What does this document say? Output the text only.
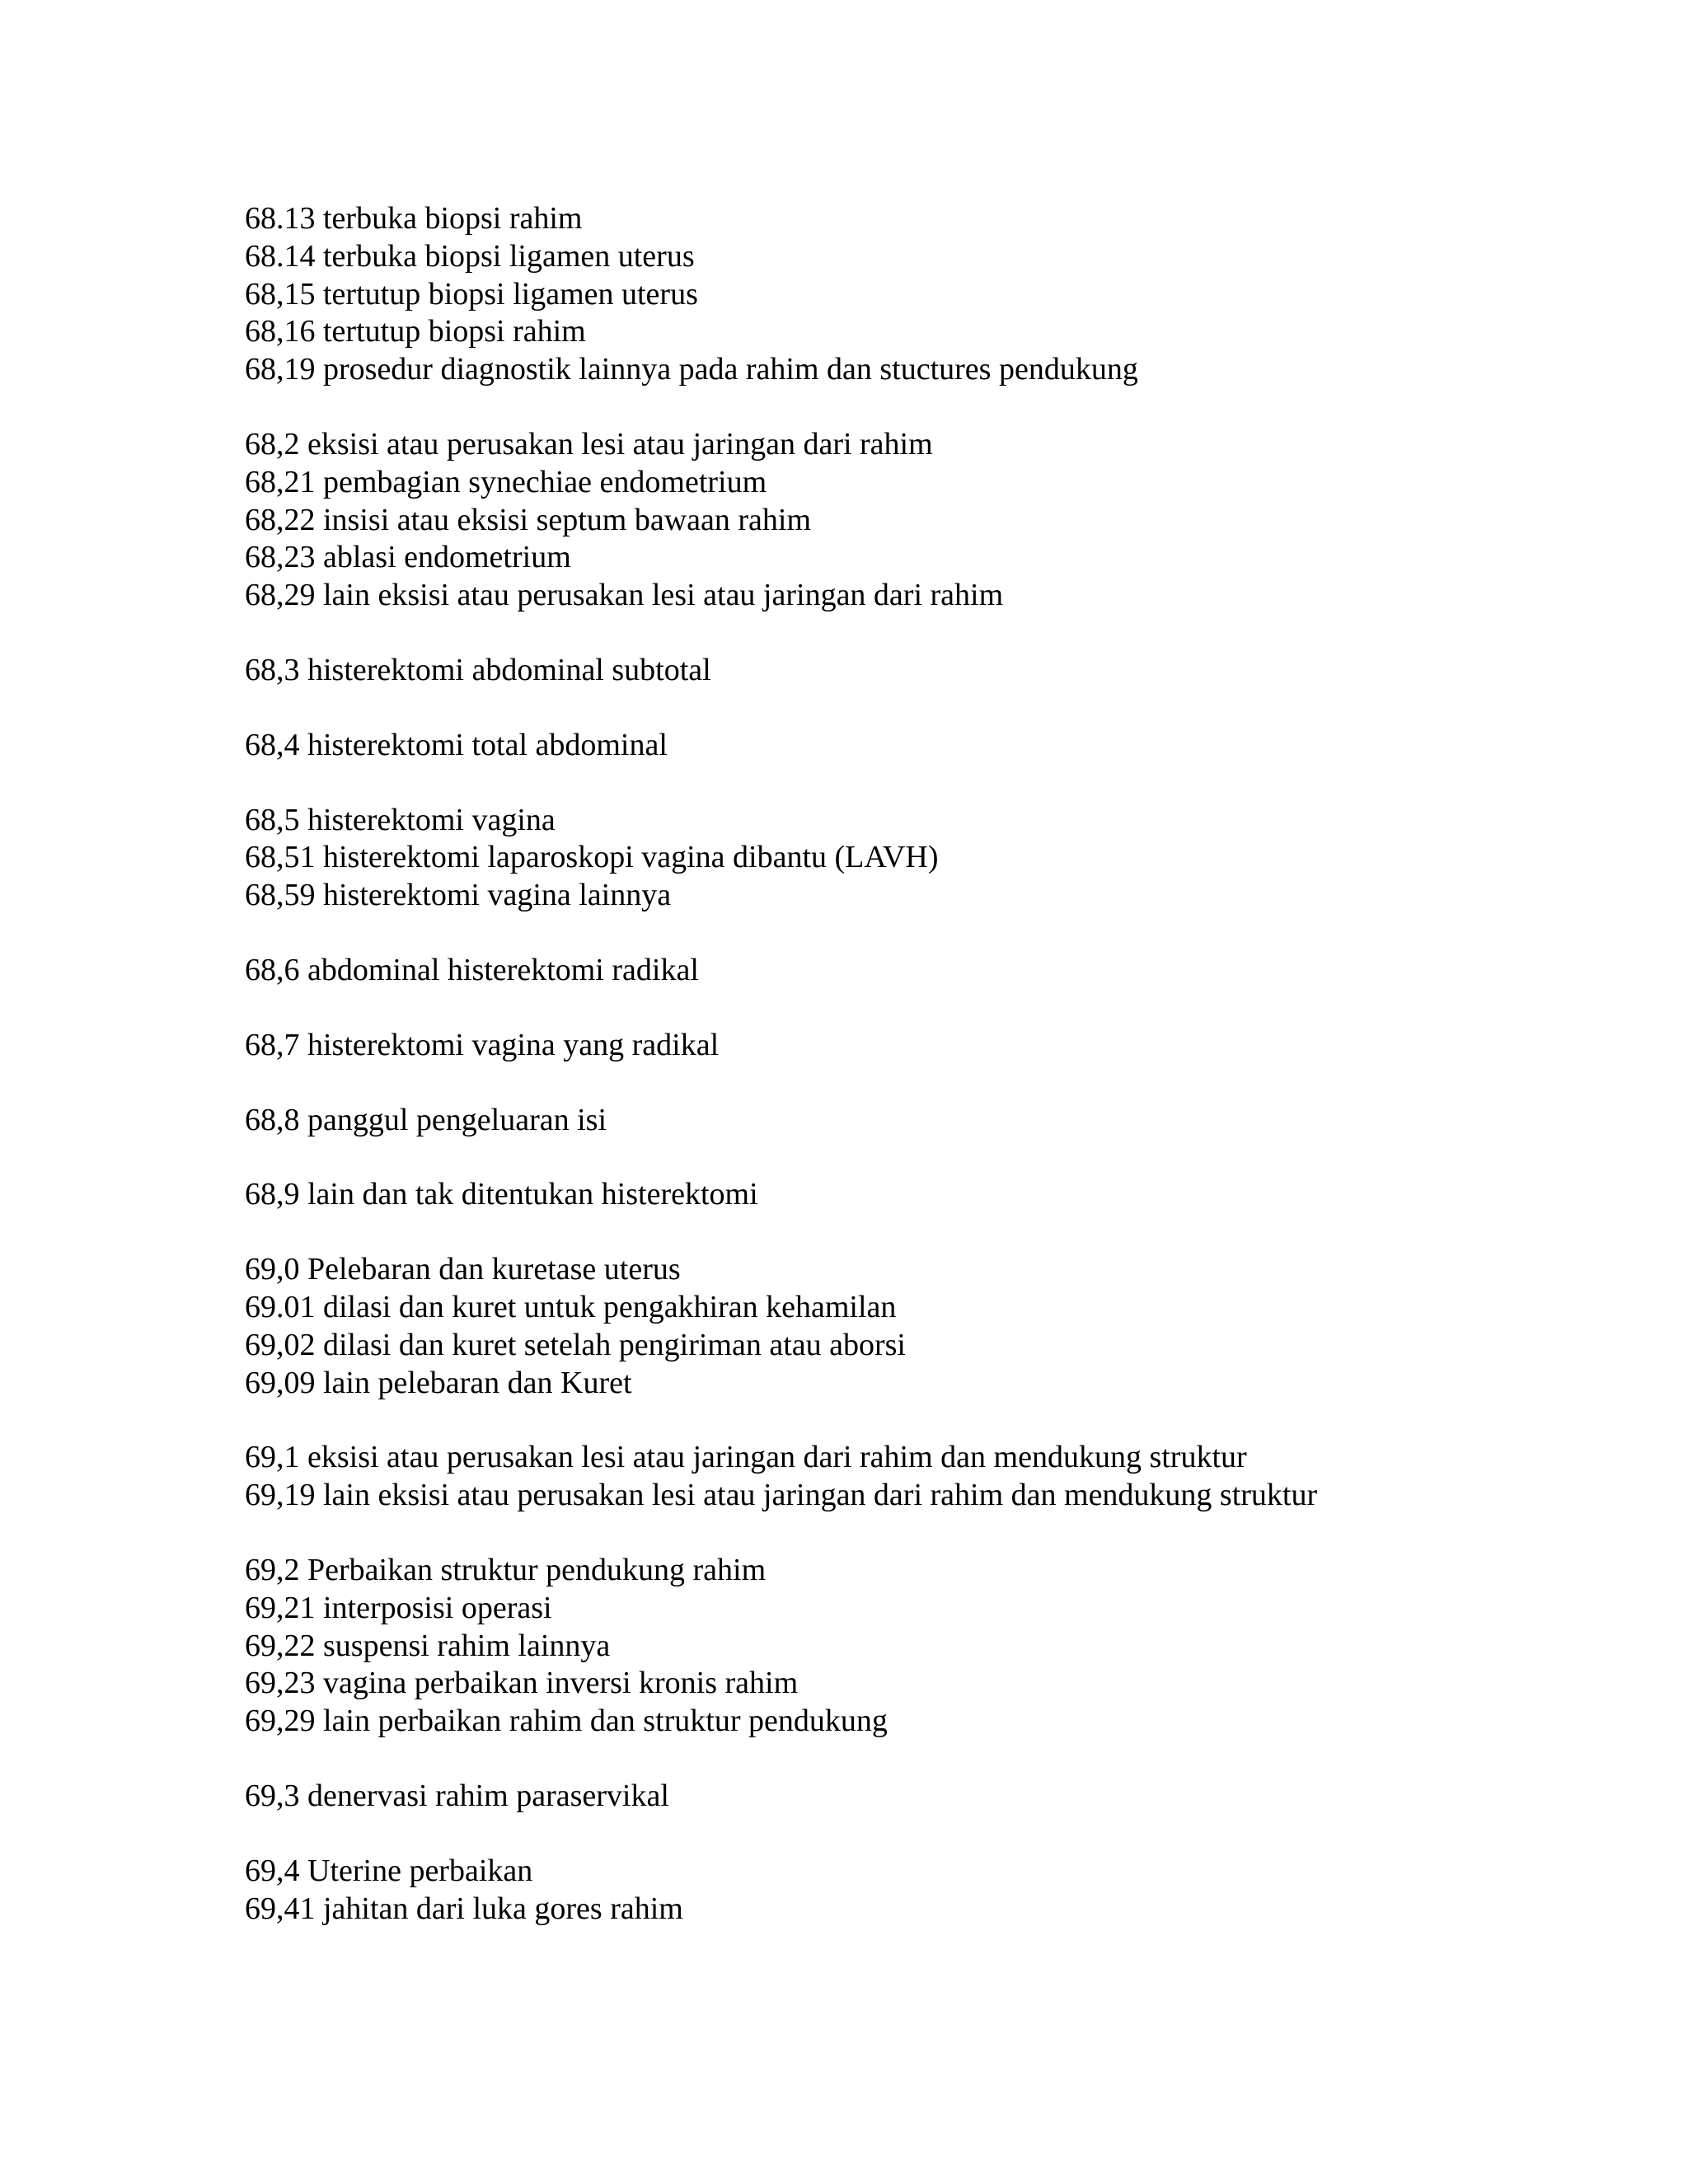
68.13 terbuka biopsi rahim
68.14 terbuka biopsi ligamen uterus
68,15 tertutup biopsi ligamen uterus
68,16 tertutup biopsi rahim
68,19 prosedur diagnostik lainnya pada rahim dan stuctures pendukung
68,2 eksisi atau perusakan lesi atau jaringan dari rahim
68,21 pembagian synechiae endometrium
68,22 insisi atau eksisi septum bawaan rahim
68,23 ablasi endometrium
68,29 lain eksisi atau perusakan lesi atau jaringan dari rahim
68,3 histerektomi abdominal subtotal
68,4 histerektomi total abdominal
68,5 histerektomi vagina
68,51 histerektomi laparoskopi vagina dibantu (LAVH)
68,59 histerektomi vagina lainnya
68,6 abdominal histerektomi radikal
68,7 histerektomi vagina yang radikal
68,8 panggul pengeluaran isi
68,9 lain dan tak ditentukan histerektomi
69,0 Pelebaran dan kuretase uterus
69.01 dilasi dan kuret untuk pengakhiran kehamilan
69,02 dilasi dan kuret setelah pengiriman atau aborsi
69,09 lain pelebaran dan Kuret
69,1 eksisi atau perusakan lesi atau jaringan dari rahim dan mendukung struktur
69,19 lain eksisi atau perusakan lesi atau jaringan dari rahim dan mendukung struktur
69,2 Perbaikan struktur pendukung rahim
69,21 interposisi operasi
69,22 suspensi rahim lainnya
69,23 vagina perbaikan inversi kronis rahim
69,29 lain perbaikan rahim dan struktur pendukung
69,3 denervasi rahim paraservikal
69,4 Uterine perbaikan
69,41 jahitan dari luka gores rahim
